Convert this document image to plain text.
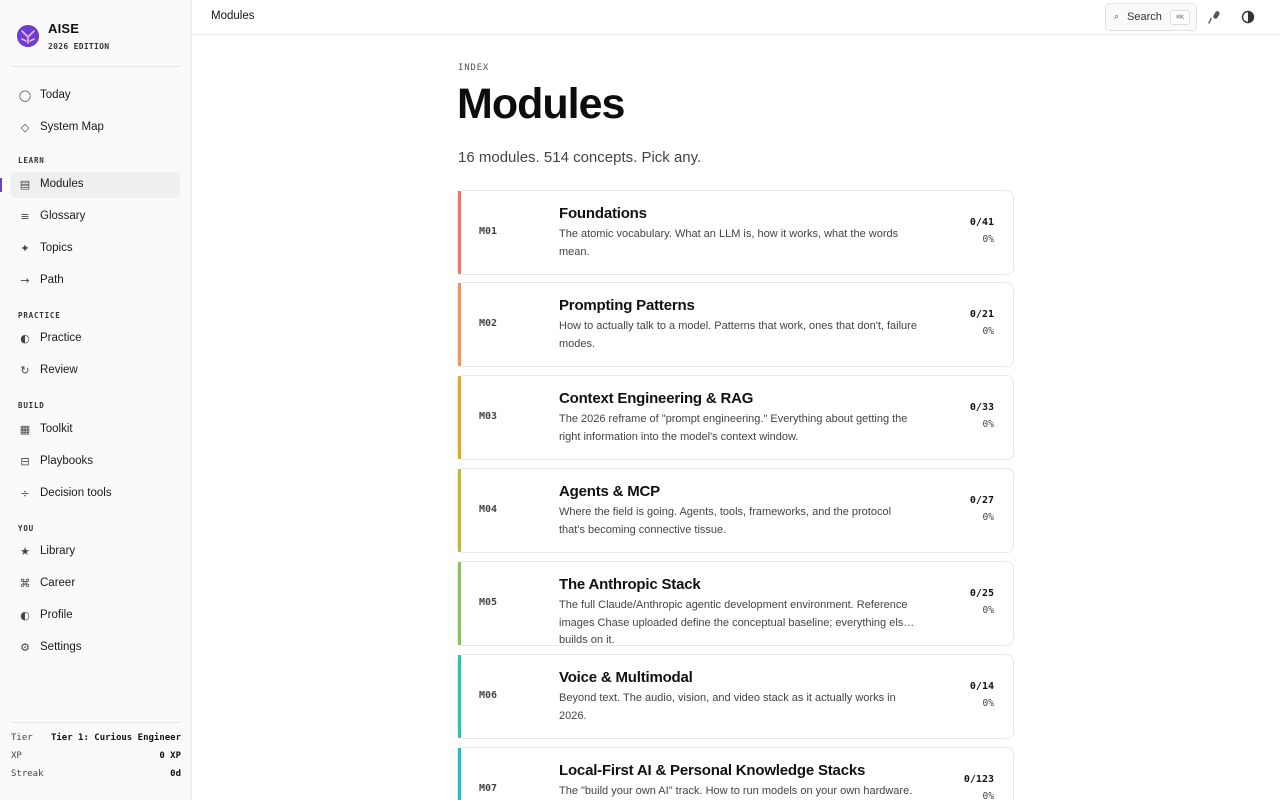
AISE
2026 EDITION
◯ Today
◇ System Map
LEARN
▤ Modules
≡ Glossary
✦ Topics
→ Path
PRACTICE
◐ Practice
↻ Review
BUILD
▦ Toolkit
⊟ Playbooks
÷ Decision tools
YOU
★ Library
⌘ Career
◐ Profile
⚙ Settings
Tier Tier 1: Curious Engineer
XP	0 XP
Streak	0d
Modules	⌕ Search	⌘K
INDEX
Modules
16 modules. 514 concepts. Pick any.
M01
Foundations
The atomic vocabulary. What an LLM is, how it works, what the words mean.
0/41
0%
M02
Prompting Patterns
How to actually talk to a model. Patterns that work, ones that don't, failure modes.
0/21
0%
M03
Context Engineering & RAG
The 2026 reframe of "prompt engineering." Everything about getting the right information into the model's context window.
0/33
0%
M04
Agents & MCP
Where the field is going. Agents, tools, frameworks, and the protocol that's becoming connective tissue.
0/27
0%
M05
The Anthropic Stack
The full Claude/Anthropic agentic development environment. Reference images Chase uploaded define the conceptual baseline; everything else builds on it.
0/25
0%
M06
Voice & Multimodal
Beyond text. The audio, vision, and video stack as it actually works in 2026.
0/14
0%
M07
Local-First AI & Personal Knowledge Stacks
The "build your own AI" track. How to run models on your own hardware.
0/123
0%
